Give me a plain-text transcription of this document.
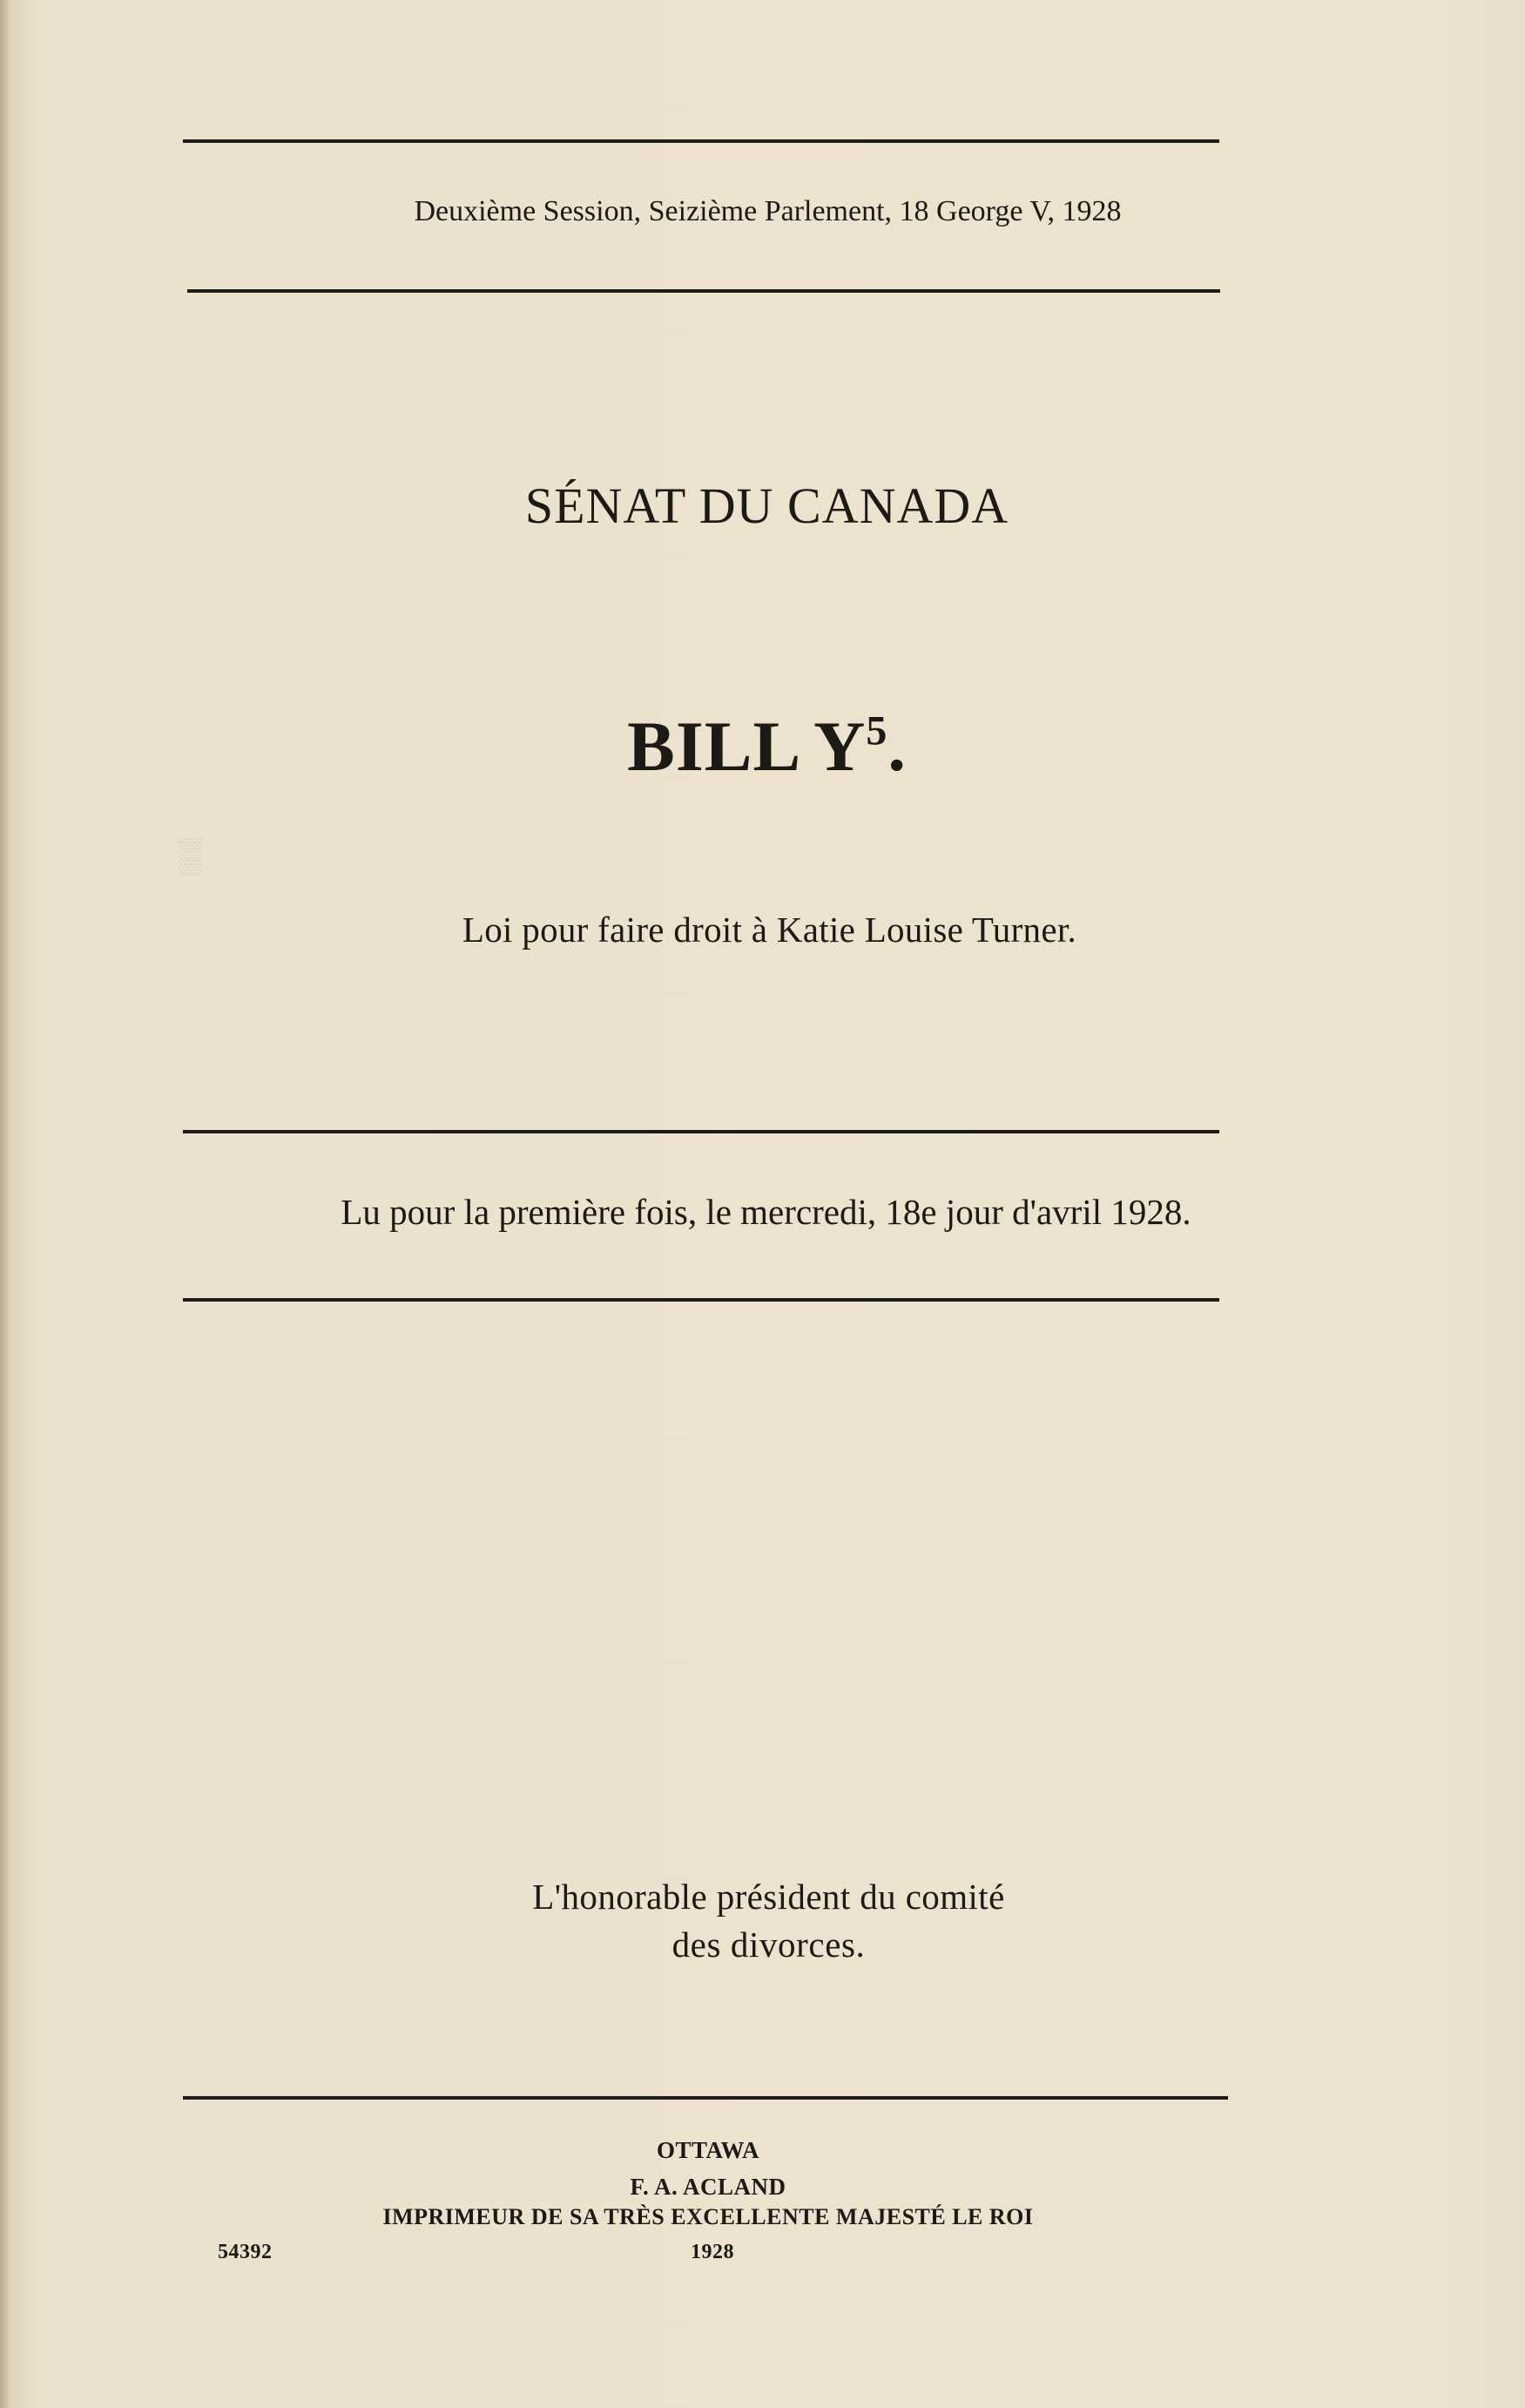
▒
Deuxième Session, Seizième Parlement, 18 George V, 1928
SÉNAT DU CANADA
BILL $Y^5$.
Loi pour faire droit à Katie Louise Turner.
Lu pour la première fois, le mercredi, 18e jour d'avril 1928.
L'honorable président du comité
des divorces.
OTTAWA
F. A. ACLAND
IMPRIMEUR DE SA TRÈS EXCELLENTE MAJESTÉ LE ROI
54392	1928
